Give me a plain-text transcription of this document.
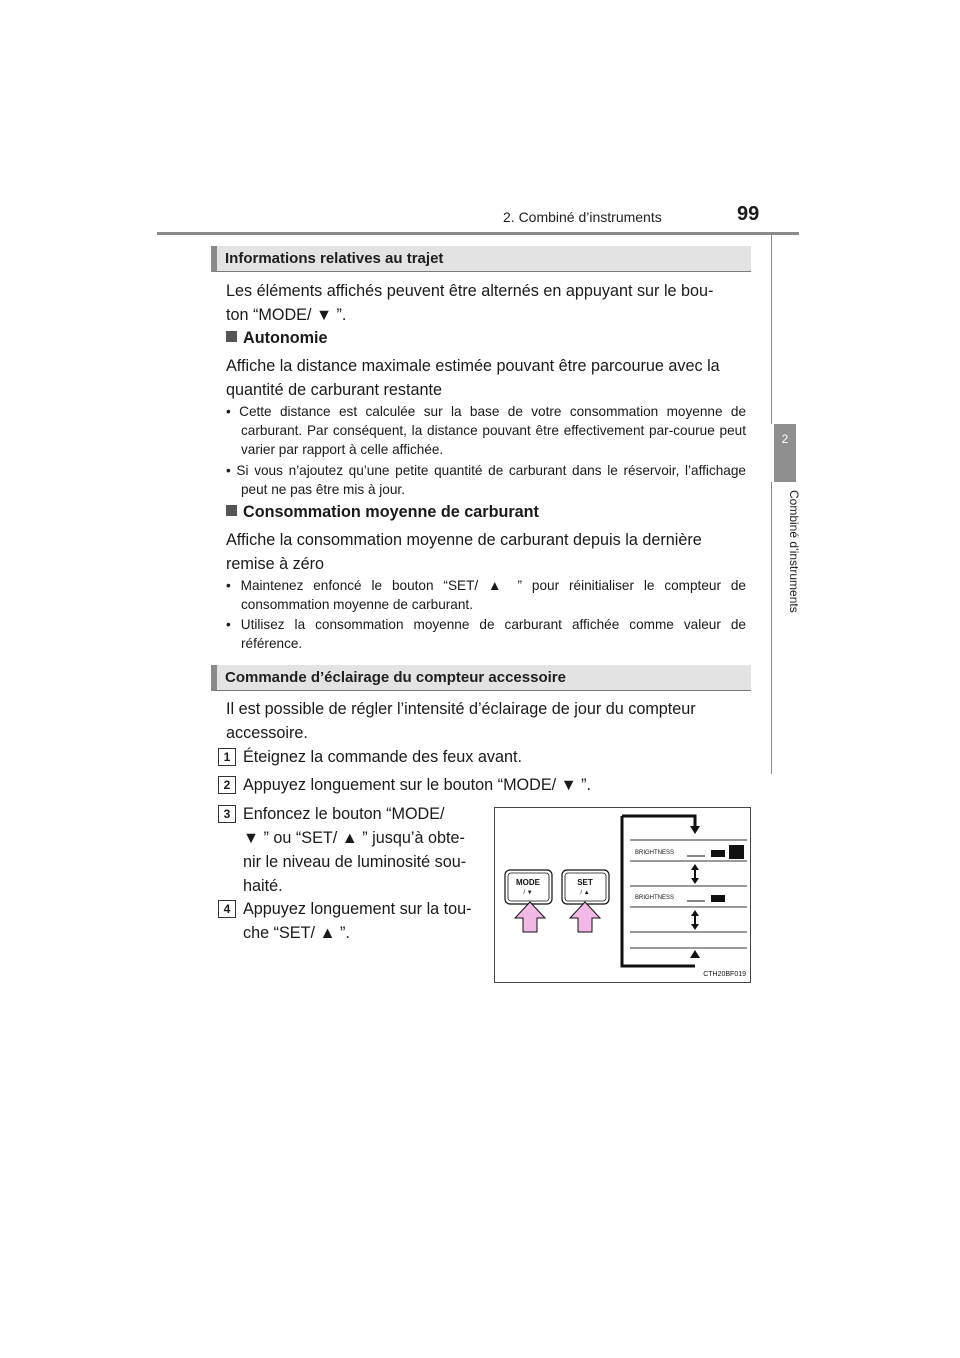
2. Combiné d’instruments	99
2
Combiné d’instruments
Informations relatives au trajet
Les éléments affichés peuvent être alternés en appuyant sur le bou-
ton “MODE/ ▼ ”.
Autonomie
Affiche la distance maximale estimée pouvant être parcourue avec la
quantité de carburant restante
• Cette distance est calculée sur la base de votre consommation moyenne de carburant. Par conséquent, la distance pouvant être effectivement par-courue peut varier par rapport à celle affichée.
• Si vous n’ajoutez qu’une petite quantité de carburant dans le réservoir, l’affichage peut ne pas être mis à jour.
Consommation moyenne de carburant
Affiche la consommation moyenne de carburant depuis la dernière
remise à zéro
• Maintenez enfoncé le bouton “SET/ ▲ ” pour réinitialiser le compteur de consommation moyenne de carburant.
• Utilisez la consommation moyenne de carburant affichée comme valeur de référence.
Commande d’éclairage du compteur accessoire
Il est possible de régler l’intensité d’éclairage de jour du compteur
accessoire.
1 Éteignez la commande des feux avant.
2 Appuyez longuement sur le bouton “MODE/ ▼ ”.
3 Enfoncez le bouton “MODE/
▼ ” ou “SET/ ▲ ” jusqu’à obte-
nir le niveau de luminosité sou-
haité.
4 Appuyez longuement sur la tou-
che “SET/ ▲ ”.
BRIGHTNESS
BRIGHTNESS
MODE
/ ▼
SET
/ ▲
CTH20BF019
